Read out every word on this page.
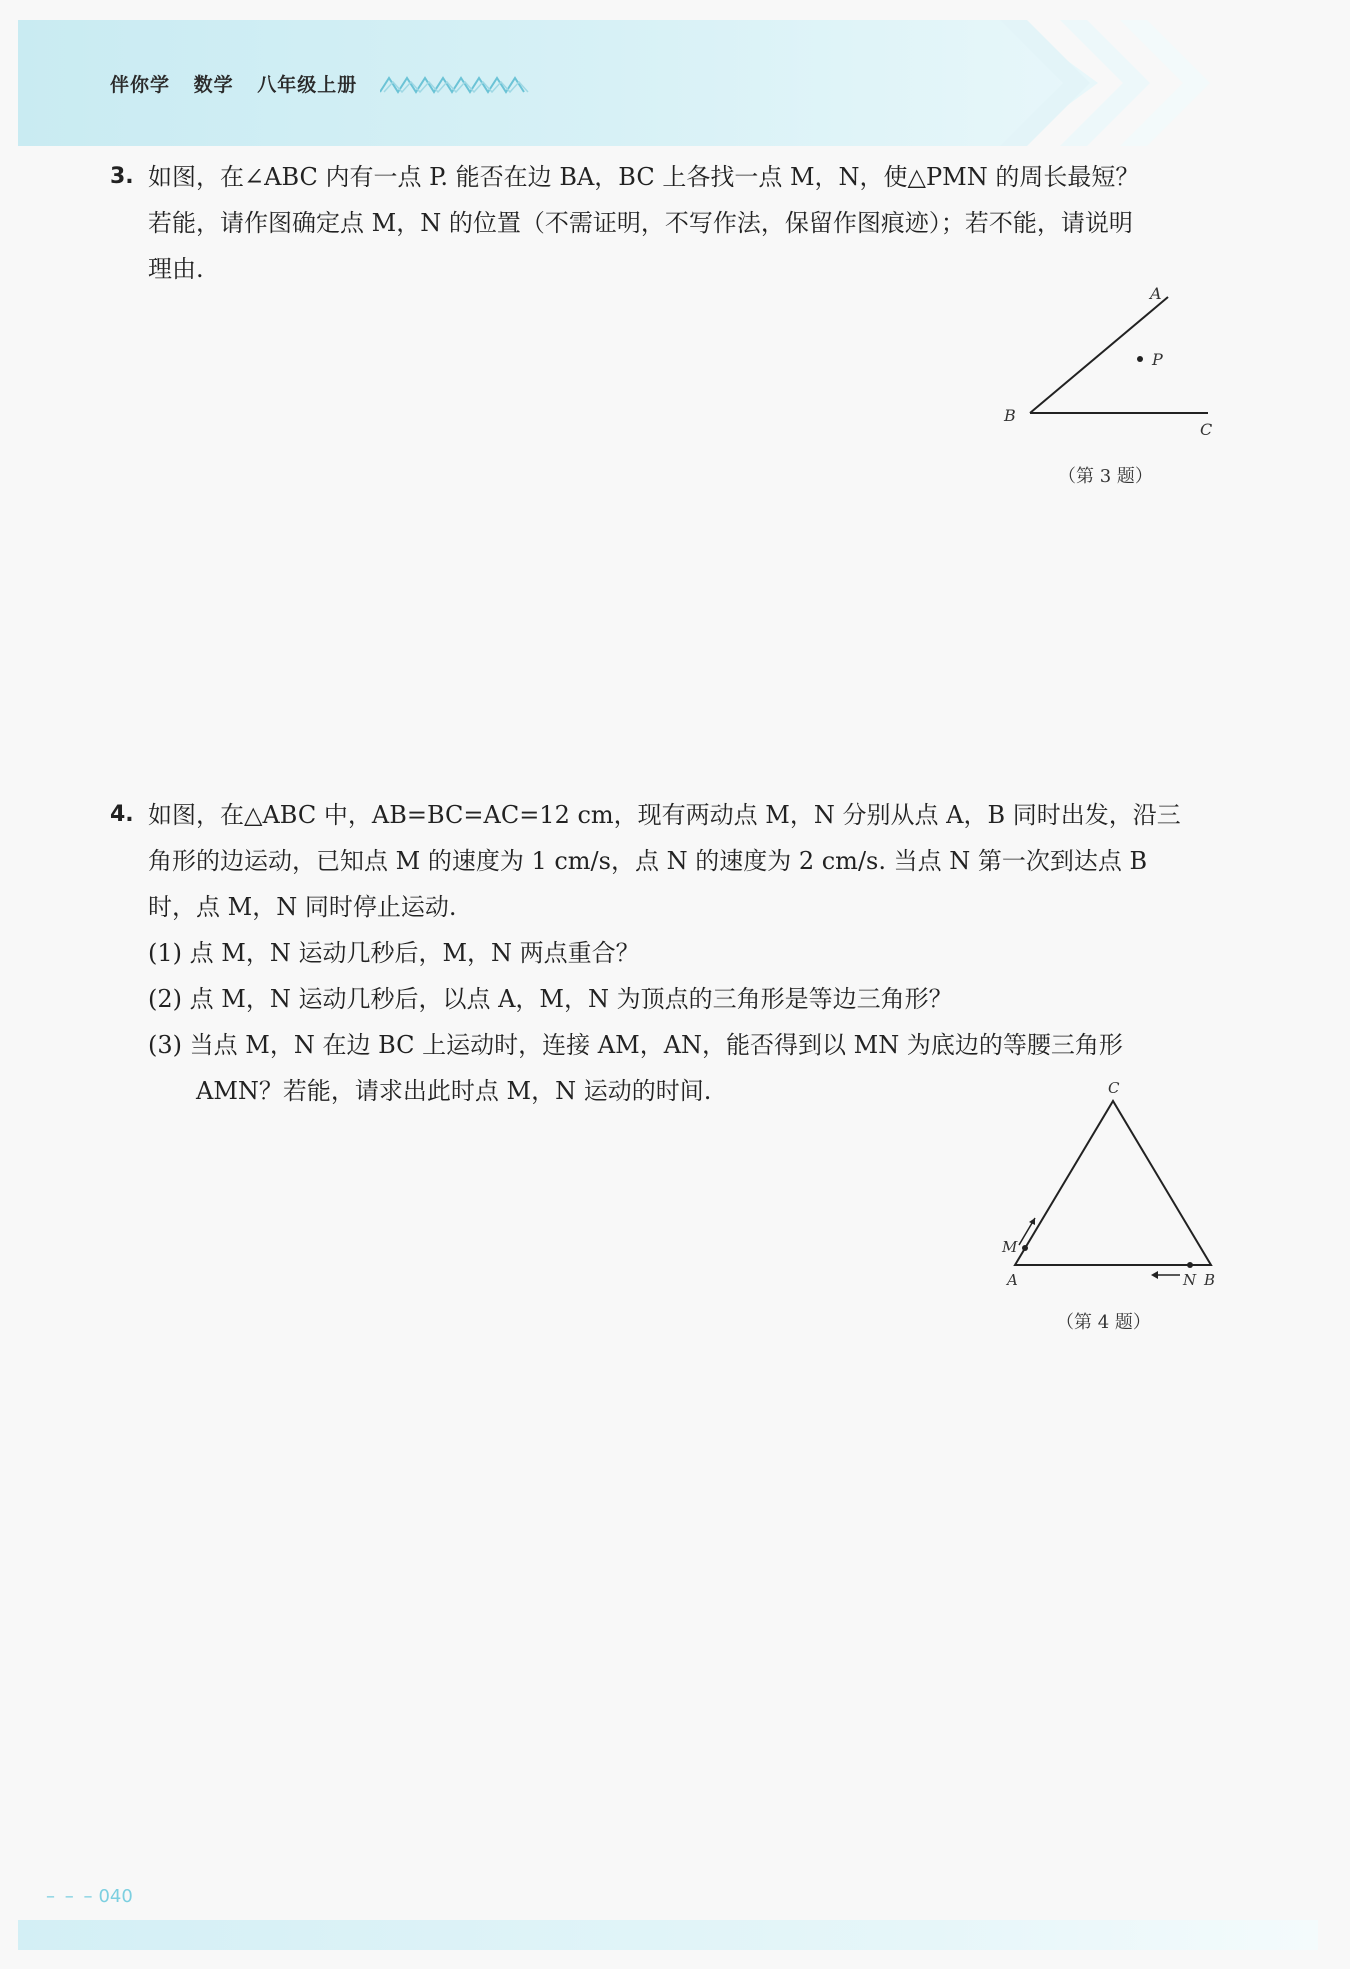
伴你学 数学 八年级上册
3. 如图，在∠ABC 内有一点 P. 能否在边 BA，BC 上各找一点 M，N，使△PMN 的周长最短？
若能，请作图确定点 M，N 的位置（不需证明，不写作法，保留作图痕迹）；若不能，请说明
理由.
P
A
B
C
（第 3 题）
4. 如图，在△ABC 中，AB=BC=AC=12 cm，现有两动点 M，N 分别从点 A，B 同时出发，沿三
角形的边运动，已知点 M 的速度为 1 cm/s，点 N 的速度为 2 cm/s. 当点 N 第一次到达点 B
时，点 M，N 同时停止运动.
(1) 点 M，N 运动几秒后，M，N 两点重合？
(2) 点 M，N 运动几秒后，以点 A，M，N 为顶点的三角形是等边三角形？
(3) 当点 M，N 在边 BC 上运动时，连接 AM，AN，能否得到以 MN 为底边的等腰三角形
AMN？若能，请求出此时点 M，N 运动的时间.	C
M
A	N B
（第 4 题）
– – – 040
